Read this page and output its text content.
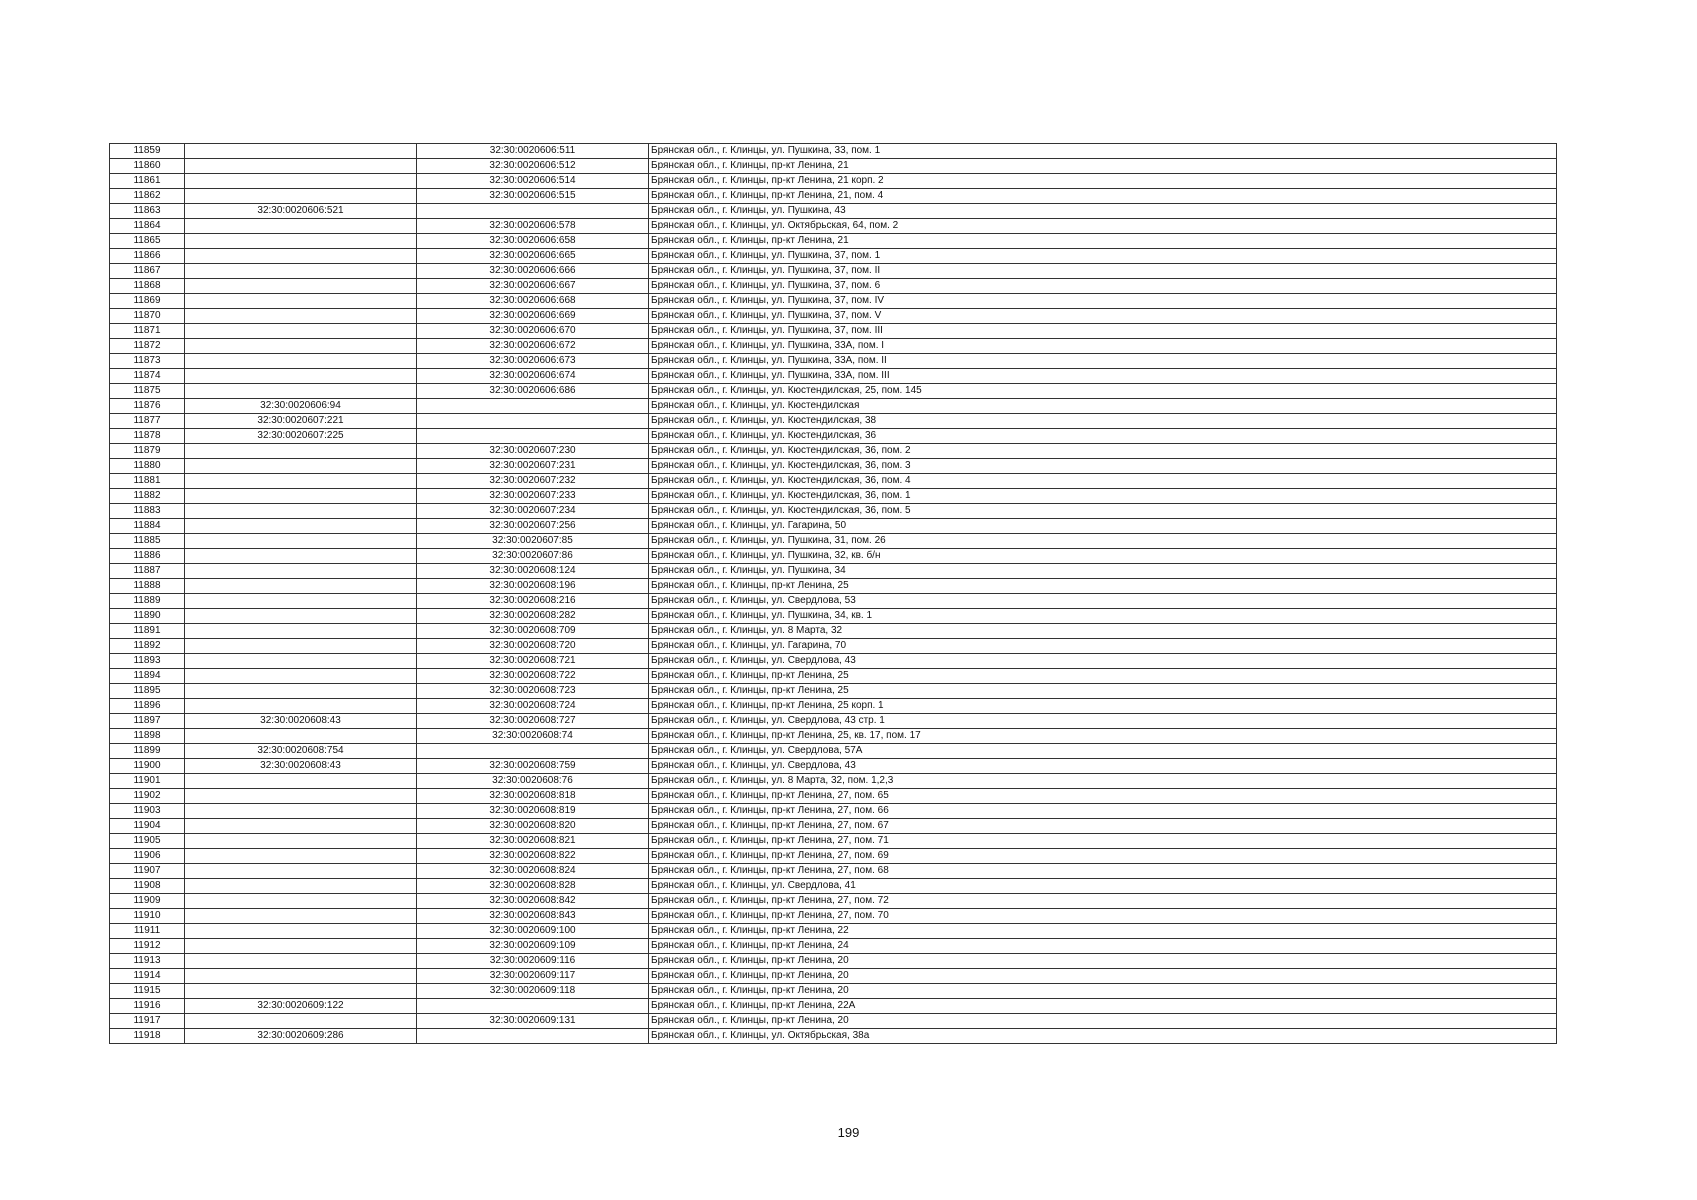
11859		32:30:0020606:511	Брянская обл., г. Клинцы, ул. Пушкина, 33, пом. 1
11860		32:30:0020606:512	Брянская обл., г. Клинцы, пр-кт Ленина, 21
11861		32:30:0020606:514	Брянская обл., г. Клинцы, пр-кт Ленина, 21 корп. 2
11862		32:30:0020606:515	Брянская обл., г. Клинцы, пр-кт Ленина, 21, пом. 4
11863	32:30:0020606:521		Брянская обл., г. Клинцы, ул. Пушкина, 43
11864		32:30:0020606:578	Брянская обл., г. Клинцы, ул. Октябрьская, 64, пом. 2
11865		32:30:0020606:658	Брянская обл., г. Клинцы, пр-кт Ленина, 21
11866		32:30:0020606:665	Брянская обл., г. Клинцы, ул. Пушкина, 37, пом. 1
11867		32:30:0020606:666	Брянская обл., г. Клинцы, ул. Пушкина, 37, пом. II
11868		32:30:0020606:667	Брянская обл., г. Клинцы, ул. Пушкина, 37, пом. 6
11869		32:30:0020606:668	Брянская обл., г. Клинцы, ул. Пушкина, 37, пом. IV
11870		32:30:0020606:669	Брянская обл., г. Клинцы, ул. Пушкина, 37, пом. V
11871		32:30:0020606:670	Брянская обл., г. Клинцы, ул. Пушкина, 37, пом. III
11872		32:30:0020606:672	Брянская обл., г. Клинцы, ул. Пушкина, 33А, пом. I
11873		32:30:0020606:673	Брянская обл., г. Клинцы, ул. Пушкина, 33А, пом. II
11874		32:30:0020606:674	Брянская обл., г. Клинцы, ул. Пушкина, 33А, пом. III
11875		32:30:0020606:686	Брянская обл., г. Клинцы, ул. Кюстендилская, 25, пом. 145
11876	32:30:0020606:94		Брянская обл., г. Клинцы, ул. Кюстендилская
11877	32:30:0020607:221		Брянская обл., г. Клинцы, ул. Кюстендилская, 38
11878	32:30:0020607:225		Брянская обл., г. Клинцы, ул. Кюстендилская, 36
11879		32:30:0020607:230	Брянская обл., г. Клинцы, ул. Кюстендилская, 36, пом. 2
11880		32:30:0020607:231	Брянская обл., г. Клинцы, ул. Кюстендилская, 36, пом. 3
11881		32:30:0020607:232	Брянская обл., г. Клинцы, ул. Кюстендилская, 36, пом. 4
11882		32:30:0020607:233	Брянская обл., г. Клинцы, ул. Кюстендилская, 36, пом. 1
11883		32:30:0020607:234	Брянская обл., г. Клинцы, ул. Кюстендилская, 36, пом. 5
11884		32:30:0020607:256	Брянская обл., г. Клинцы, ул. Гагарина, 50
11885		32:30:0020607:85	Брянская обл., г. Клинцы, ул. Пушкина, 31, пом. 26
11886		32:30:0020607:86	Брянская обл., г. Клинцы, ул. Пушкина, 32, кв. б/н
11887		32:30:0020608:124	Брянская обл., г. Клинцы, ул. Пушкина, 34
11888		32:30:0020608:196	Брянская обл., г. Клинцы, пр-кт Ленина, 25
11889		32:30:0020608:216	Брянская обл., г. Клинцы, ул. Свердлова, 53
11890		32:30:0020608:282	Брянская обл., г. Клинцы, ул. Пушкина, 34, кв. 1
11891		32:30:0020608:709	Брянская обл., г. Клинцы, ул. 8 Марта, 32
11892		32:30:0020608:720	Брянская обл., г. Клинцы, ул. Гагарина, 70
11893		32:30:0020608:721	Брянская обл., г. Клинцы, ул. Свердлова, 43
11894		32:30:0020608:722	Брянская обл., г. Клинцы, пр-кт Ленина, 25
11895		32:30:0020608:723	Брянская обл., г. Клинцы, пр-кт Ленина, 25
11896		32:30:0020608:724	Брянская обл., г. Клинцы, пр-кт Ленина, 25 корп. 1
11897	32:30:0020608:43	32:30:0020608:727	Брянская обл., г. Клинцы, ул. Свердлова, 43 стр. 1
11898		32:30:0020608:74	Брянская обл., г. Клинцы, пр-кт Ленина, 25, кв. 17, пом. 17
11899	32:30:0020608:754		Брянская обл., г. Клинцы, ул. Свердлова, 57А
11900	32:30:0020608:43	32:30:0020608:759	Брянская обл., г. Клинцы, ул. Свердлова, 43
11901		32:30:0020608:76	Брянская обл., г. Клинцы, ул. 8 Марта, 32, пом. 1,2,3
11902		32:30:0020608:818	Брянская обл., г. Клинцы, пр-кт Ленина, 27, пом. 65
11903		32:30:0020608:819	Брянская обл., г. Клинцы, пр-кт Ленина, 27, пом. 66
11904		32:30:0020608:820	Брянская обл., г. Клинцы, пр-кт Ленина, 27, пом. 67
11905		32:30:0020608:821	Брянская обл., г. Клинцы, пр-кт Ленина, 27, пом. 71
11906		32:30:0020608:822	Брянская обл., г. Клинцы, пр-кт Ленина, 27, пом. 69
11907		32:30:0020608:824	Брянская обл., г. Клинцы, пр-кт Ленина, 27, пом. 68
11908		32:30:0020608:828	Брянская обл., г. Клинцы, ул. Свердлова, 41
11909		32:30:0020608:842	Брянская обл., г. Клинцы, пр-кт Ленина, 27, пом. 72
11910		32:30:0020608:843	Брянская обл., г. Клинцы, пр-кт Ленина, 27, пом. 70
11911		32:30:0020609:100	Брянская обл., г. Клинцы, пр-кт Ленина, 22
11912		32:30:0020609:109	Брянская обл., г. Клинцы, пр-кт Ленина, 24
11913		32:30:0020609:116	Брянская обл., г. Клинцы, пр-кт Ленина, 20
11914		32:30:0020609:117	Брянская обл., г. Клинцы, пр-кт Ленина, 20
11915		32:30:0020609:118	Брянская обл., г. Клинцы, пр-кт Ленина, 20
11916	32:30:0020609:122		Брянская обл., г. Клинцы, пр-кт Ленина, 22А
11917		32:30:0020609:131	Брянская обл., г. Клинцы, пр-кт Ленина, 20
11918	32:30:0020609:286		Брянская обл., г. Клинцы, ул. Октябрьская, 38а
199
